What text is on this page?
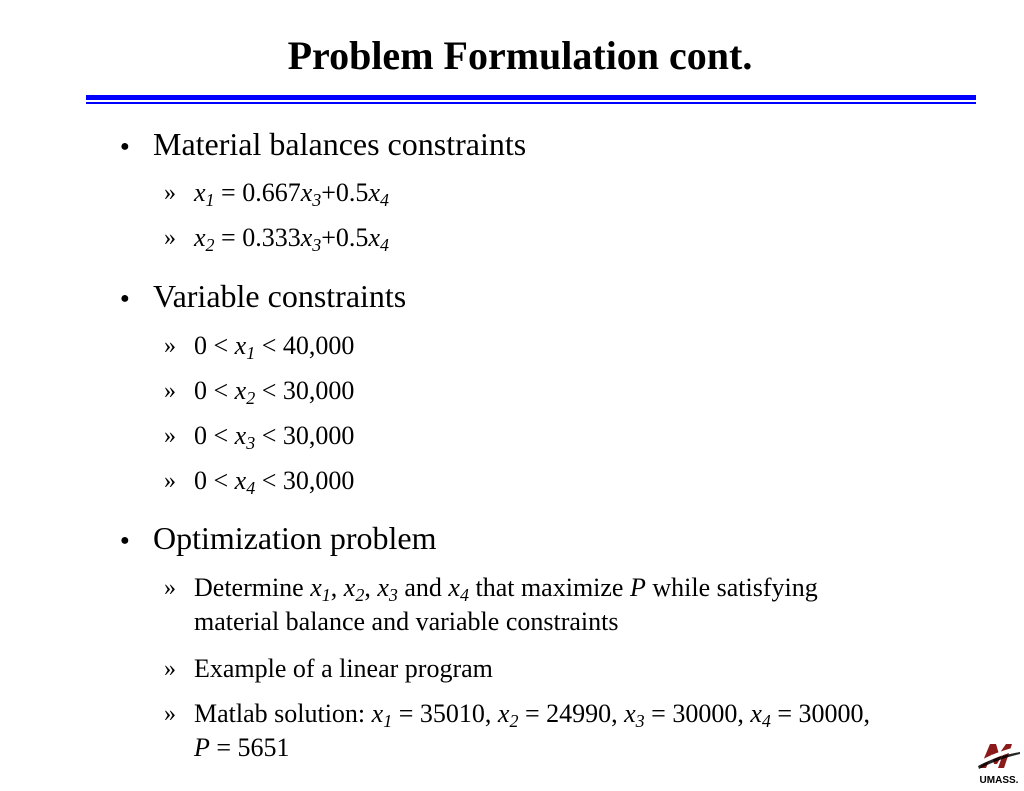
Problem Formulation cont.
● Material balances constraints
» $x_1 = 0.667x_3+0.5x_4$
» $x_2 = 0.333x_3+0.5x_4$
● Variable constraints
» $0 < x_1 < 40,000$
» $0 < x_2 < 30,000$
» $0 < x_3 < 30,000$
» $0 < x_4 < 30,000$
● Optimization problem
» Determine $x_1$, $x_2$, $x_3$ and $x_4$ that maximize P while satisfying material balance and variable constraints
» Example of a linear program
» Matlab solution: $x_1 = 35010$, $x_2 = 24990$, $x_3 = 30000$, $x_4 = 30000$, P = 5651
UMASS.
